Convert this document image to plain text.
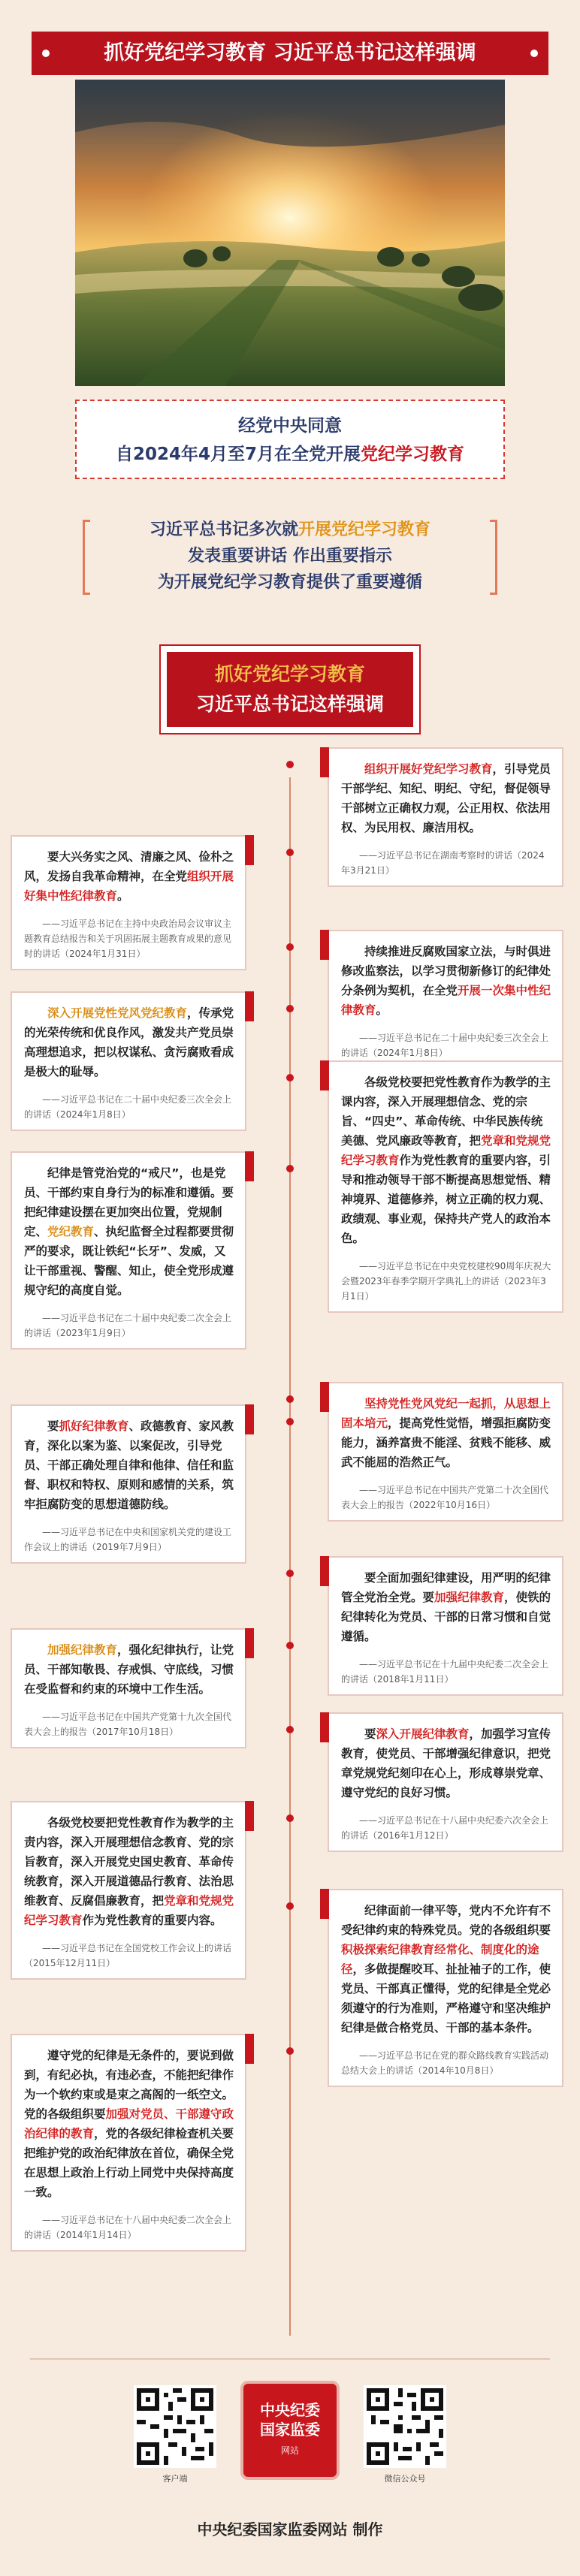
抓好党纪学习教育 习近平总书记这样强调
经党中央同意
自2024年4月至7月在全党开展党纪学习教育
习近平总书记多次就开展党纪学习教育
发表重要讲话 作出重要指示
为开展党纪学习教育提供了重要遵循
抓好党纪学习教育
习近平总书记这样强调
组织开展好党纪学习教育，引导党员干部学纪、知纪、明纪、守纪，督促领导干部树立正确权力观，公正用权、依法用权、为民用权、廉洁用权。
——习近平总书记在湖南考察时的讲话（2024年3月21日）
持续推进反腐败国家立法，与时俱进修改监察法，以学习贯彻新修订的纪律处分条例为契机，在全党开展一次集中性纪律教育。
——习近平总书记在二十届中央纪委三次全会上的讲话（2024年1月8日）
各级党校要把党性教育作为教学的主课内容，深入开展理想信念、党的宗旨、“四史”、革命传统、中华民族传统美德、党风廉政等教育，把党章和党规党纪学习教育作为党性教育的重要内容，引导和推动领导干部不断提高思想觉悟、精神境界、道德修养，树立正确的权力观、政绩观、事业观，保持共产党人的政治本色。
——习近平总书记在中央党校建校90周年庆祝大会暨2023年春季学期开学典礼上的讲话（2023年3月1日）
坚持党性党风党纪一起抓，从思想上固本培元，提高党性觉悟，增强拒腐防变能力，涵养富贵不能淫、贫贱不能移、威武不能屈的浩然正气。
——习近平总书记在中国共产党第二十次全国代表大会上的报告（2022年10月16日）
要全面加强纪律建设，用严明的纪律管全党治全党。要加强纪律教育，使铁的纪律转化为党员、干部的日常习惯和自觉遵循。
——习近平总书记在十九届中央纪委二次全会上的讲话（2018年1月11日）
要深入开展纪律教育，加强学习宣传教育，使党员、干部增强纪律意识，把党章党规党纪刻印在心上，形成尊崇党章、遵守党纪的良好习惯。
——习近平总书记在十八届中央纪委六次全会上的讲话（2016年1月12日）
纪律面前一律平等，党内不允许有不受纪律约束的特殊党员。党的各级组织要积极探索纪律教育经常化、制度化的途径，多做提醒咬耳、扯扯袖子的工作，使党员、干部真正懂得，党的纪律是全党必须遵守的行为准则，严格遵守和坚决维护纪律是做合格党员、干部的基本条件。
——习近平总书记在党的群众路线教育实践活动总结大会上的讲话（2014年10月8日）
要大兴务实之风、清廉之风、俭朴之风，发扬自我革命精神，在全党组织开展好集中性纪律教育。
——习近平总书记在主持中央政治局会议审议主题教育总结报告和关于巩固拓展主题教育成果的意见时的讲话（2024年1月31日）
深入开展党性党风党纪教育，传承党的光荣传统和优良作风，激发共产党员崇高理想追求，把以权谋私、贪污腐败看成是极大的耻辱。
——习近平总书记在二十届中央纪委三次全会上的讲话（2024年1月8日）
纪律是管党治党的“戒尺”，也是党员、干部约束自身行为的标准和遵循。要把纪律建设摆在更加突出位置，党规制定、党纪教育、执纪监督全过程都要贯彻严的要求，既让铁纪“长牙”、发威，又让干部重视、警醒、知止，使全党形成遵规守纪的高度自觉。
——习近平总书记在二十届中央纪委二次全会上的讲话（2023年1月9日）
要抓好纪律教育、政德教育、家风教育，深化以案为鉴、以案促改，引导党员、干部正确处理自律和他律、信任和监督、职权和特权、原则和感情的关系，筑牢拒腐防变的思想道德防线。
——习近平总书记在中央和国家机关党的建设工作会议上的讲话（2019年7月9日）
加强纪律教育，强化纪律执行，让党员、干部知敬畏、存戒惧、守底线，习惯在受监督和约束的环境中工作生活。
——习近平总书记在中国共产党第十九次全国代表大会上的报告（2017年10月18日）
各级党校要把党性教育作为教学的主责内容，深入开展理想信念教育、党的宗旨教育，深入开展党史国史教育、革命传统教育，深入开展道德品行教育、法治思维教育、反腐倡廉教育，把党章和党规党纪学习教育作为党性教育的重要内容。
——习近平总书记在全国党校工作会议上的讲话（2015年12月11日）
遵守党的纪律是无条件的，要说到做到，有纪必执，有违必查，不能把纪律作为一个软约束或是束之高阁的一纸空文。党的各级组织要加强对党员、干部遵守政治纪律的教育，党的各级纪律检查机关要把维护党的政治纪律放在首位，确保全党在思想上政治上行动上同党中央保持高度一致。
——习近平总书记在十八届中央纪委二次全会上的讲话（2014年1月14日）
客户端
中央纪委
国家监委
网站
微信公众号
中央纪委国家监委网站 制作
